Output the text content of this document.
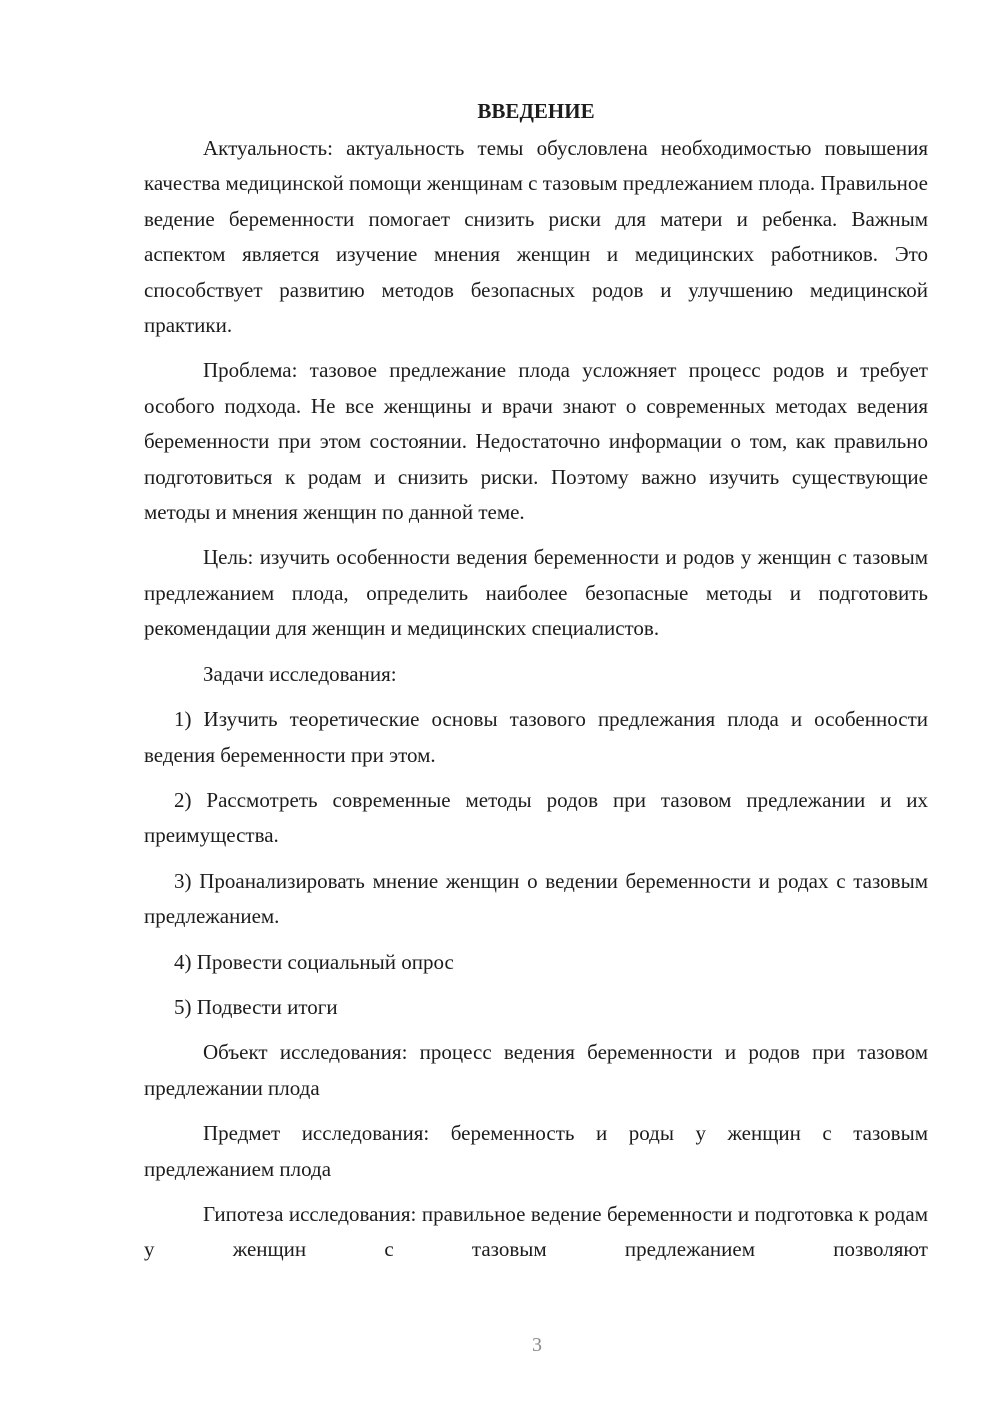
ВВЕДЕНИЕ

Актуальность: актуальность темы обусловлена необходимостью повышения качества медицинской помощи женщинам с тазовым предлежанием плода. Правильное ведение беременности помогает снизить риски для матери и ребенка. Важным аспектом является изучение мнения женщин и медицинских работников. Это способствует развитию методов безопасных родов и улучшению медицинской практики.

Проблема: тазовое предлежание плода усложняет процесс родов и требует особого подхода. Не все женщины и врачи знают о современных методах ведения беременности при этом состоянии. Недостаточно информации о том, как правильно подготовиться к родам и снизить риски. Поэтому важно изучить существующие методы и мнения женщин по данной теме.

Цель: изучить особенности ведения беременности и родов у женщин с тазовым предлежанием плода, определить наиболее безопасные методы и подготовить рекомендации для женщин и медицинских специалистов.

Задачи исследования:

1) Изучить теоретические основы тазового предлежания плода и особенности ведения беременности при этом.

2) Рассмотреть современные методы родов при тазовом предлежании и их преимущества.

3) Проанализировать мнение женщин о ведении беременности и родах с тазовым предлежанием.

4) Провести социальный опрос

5) Подвести итоги

Объект исследования: процесс ведения беременности и родов при тазовом предлежании плода

Предмет исследования: беременность и роды у женщин с тазовым предлежанием плода

Гипотеза исследования: правильное ведение беременности и подготовка к родам у женщин с тазовым предлежанием позволяют

3
